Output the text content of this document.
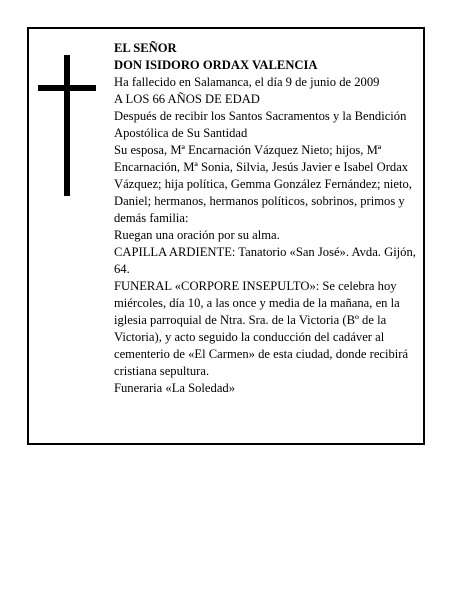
EL SEÑOR

DON ISIDORO ORDAX VALENCIA

Ha fallecido en Salamanca, el día 9 de junio de 2009

A LOS 66 AÑOS DE EDAD

Después de recibir los Santos Sacramentos y la Bendición Apostólica de Su Santidad

Su esposa, Mª Encarnación Vázquez Nieto; hijos, Mª Encarnación, Mª Sonia, Silvia, Jesús Javier e Isabel Ordax Vázquez; hija política, Gemma González Fernández; nieto, Daniel; hermanos, hermanos políticos, sobrinos, primos y demás familia:

Ruegan una oración por su alma.

CAPILLA ARDIENTE: Tanatorio «San José». Avda. Gijón, 64.

FUNERAL «CORPORE INSEPULTO»: Se celebra hoy miércoles, día 10, a las once y media de la mañana, en la iglesia parroquial de Ntra. Sra. de la Victoria (Bº de la Victoria), y acto seguido la conducción del cadáver al cementerio de «El Carmen» de esta ciudad, donde recibirá cristiana sepultura.

Funeraria «La Soledad»
